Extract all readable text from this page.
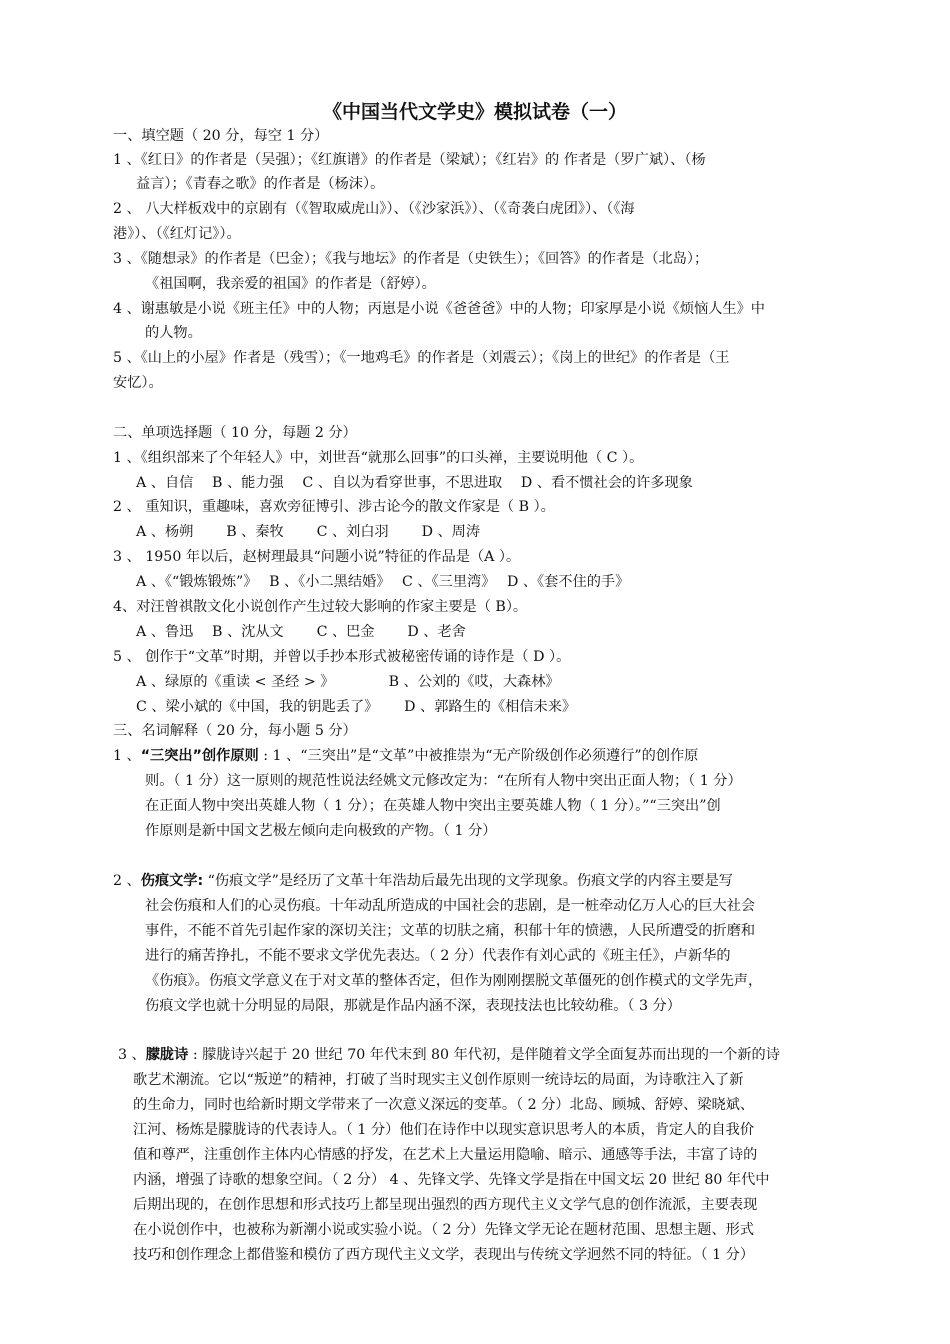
《中国当代文学史》模拟试卷（一）
一、填空题（ 20 分，每空 1 分）
1 、《红日》的作者是（吴强）；《红旗谱》的作者是（梁斌）；《红岩》的 作者是（罗广斌）、（杨
益言）；《青春之歌》的作者是（杨沫）。
2 、 八大样板戏中的京剧有（《智取威虎山》）、（《沙家浜》）、（《奇袭白虎团》）、（《海
港》）、（《红灯记》）。
3 、《随想录》的作者是（巴金）；《我与地坛》的作者是（史铁生）；《回答》的作者是（北岛）；
《祖国啊，我亲爱的祖国》的作者是（舒婷）。
4 、谢惠敏是小说《班主任》中的人物；丙崽是小说《爸爸爸》中的人物；印家厚是小说《烦恼人生》中
的人物。
5 、《山上的小屋》作者是（残雪）；《一地鸡毛》的作者是（刘震云）；《岗上的世纪》的作者是（王
安忆）。
二、单项选择题（ 10 分，每题 2 分）
1 、《组织部来了个年轻人》中，刘世吾“就那么回事”的口头禅，主要说明他（ C ）。
A 、自信　 B 、能力强　 C 、自以为看穿世事，不思进取　 D 、看不惯社会的许多现象
2 、 重知识，重趣味，喜欢旁征博引、涉古论今的散文作家是（ B ）。
A 、杨朔　　 B 、秦牧　　 C 、刘白羽　　 D 、周涛
3 、 1950 年以后，赵树理最具“问题小说”特征的作品是（A ）。
A 、《“锻炼锻炼”》　 B 、《小二黑结婚》　 C 、《三里湾》　 D 、《套不住的手》
4、对汪曾祺散文化小说创作产生过较大影响的作家主要是（ B）。
A 、鲁迅　 B 、沈从文　　 C 、巴金　　 D 、老舍
5 、 创作于“文革”时期，并曾以手抄本形式被秘密传诵的诗作是（ D ）。
A 、绿原的《重读 < 圣经 > 》　　　　 B 、公刘的《哎，大森林》
C 、梁小斌的《中国，我的钥匙丢了》　　 D 、郭路生的《相信未来》
三、名词解释（ 20 分，每小题 5 分）
1 、“三突出”创作原则 : 1 、“三突出”是“文革”中被推崇为“无产阶级创作必须遵行”的创作原
则。（ 1 分）这一原则的规范性说法经姚文元修改定为：“在所有人物中突出正面人物；（ 1 分）
在正面人物中突出英雄人物（ 1 分）；在英雄人物中突出主要英雄人物（ 1 分）。”“三突出”创
作原则是新中国文艺极左倾向走向极致的产物。（ 1 分）
2 、伤痕文学: “伤痕文学”是经历了文革十年浩劫后最先出现的文学现象。伤痕文学的内容主要是写
社会伤痕和人们的心灵伤痕。十年动乱所造成的中国社会的悲剧，是一桩牵动亿万人心的巨大社会
事件，不能不首先引起作家的深切关注；文革的切肤之痛，积郁十年的愤懑，人民所遭受的折磨和
进行的痛苦挣扎，不能不要求文学优先表达。（ 2 分）代表作有刘心武的《班主任》，卢新华的
《伤痕》。伤痕文学意义在于对文革的整体否定，但作为刚刚摆脱文革僵死的创作模式的文学先声，
伤痕文学也就十分明显的局限，那就是作品内涵不深，表现技法也比较幼稚。（ 3 分）
3 、朦胧诗 : 朦胧诗兴起于 20 世纪 70 年代末到 80 年代初，是伴随着文学全面复苏而出现的一个新的诗
歌艺术潮流。它以“叛逆”的精神，打破了当时现实主义创作原则一统诗坛的局面，为诗歌注入了新
的生命力，同时也给新时期文学带来了一次意义深远的变革。（ 2 分）北岛、顾城、舒婷、梁晓斌、
江河、杨炼是朦胧诗的代表诗人。（ 1 分）他们在诗作中以现实意识思考人的本质，肯定人的自我价
值和尊严，注重创作主体内心情感的抒发，在艺术上大量运用隐喻、暗示、通感等手法，丰富了诗的
内涵，增强了诗歌的想象空间。（ 2 分） 4 、先锋文学、先锋文学是指在中国文坛 20 世纪 80 年代中
后期出现的，在创作思想和形式技巧上都呈现出强烈的西方现代主义文学气息的创作流派，主要表现
在小说创作中，也被称为新潮小说或实验小说。（ 2 分）先锋文学无论在题材范围、思想主题、形式
技巧和创作理念上都借鉴和模仿了西方现代主义文学，表现出与传统文学迥然不同的特征。（ 1 分）
